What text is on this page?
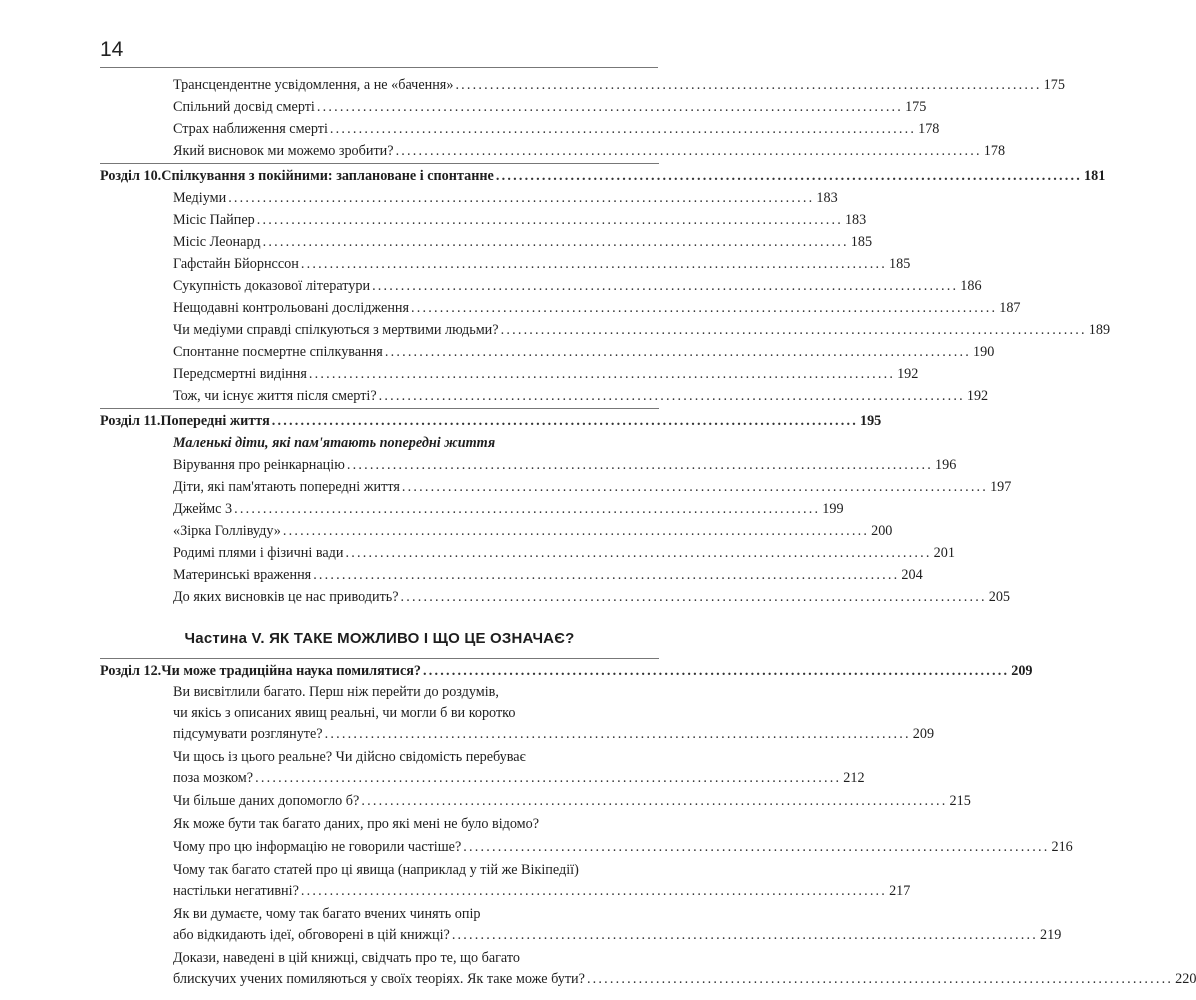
14
Трансцендентне усвідомлення, а не «бачення» ...................................................................................................... 175
Спільний досвід смерті ...................................................................................................... 175
Страх наближення смерті ...................................................................................................... 178
Який висновок ми можемо зробити? ...................................................................................................... 178
Розділ 10. Спілкування з покійними: заплановане і спонтанне ...................................................................................................... 181
Медіуми ...................................................................................................... 183
Місіс Пайпер ...................................................................................................... 183
Місіс Леонард ...................................................................................................... 185
Гафстайн Бйорнссон ...................................................................................................... 185
Сукупність доказової літератури ...................................................................................................... 186
Нещодавні контрольовані дослідження ...................................................................................................... 187
Чи медіуми справді спілкуються з мертвими людьми? ...................................................................................................... 189
Спонтанне посмертне спілкування ...................................................................................................... 190
Передсмертні видіння ...................................................................................................... 192
Тож, чи існує життя після смерті? ...................................................................................................... 192
Розділ 11. Попередні життя ...................................................................................................... 195
Маленькі діти, які пам'ятають попередні життя
Вірування про реінкарнацію ...................................................................................................... 196
Діти, які пам'ятають попередні життя ...................................................................................................... 197
Джеймс 3 ...................................................................................................... 199
«Зірка Голлівуду» ...................................................................................................... 200
Родимі плями і фізичні вади ...................................................................................................... 201
Материнські враження ...................................................................................................... 204
До яких висновків це нас приводить? ...................................................................................................... 205
Частина V. ЯК ТАКЕ МОЖЛИВО І ЩО ЦЕ ОЗНАЧАЄ?
Розділ 12. Чи може традиційна наука помилятися? ...................................................................................................... 209
Ви висвітлили багато. Перш ніж перейти до роздумів,
чи якісь з описаних явищ реальні, чи могли б ви коротко
підсумувати розглянуте? ...................................................................................................... 209
Чи щось із цього реальне? Чи дійсно свідомість перебуває
поза мозком? ...................................................................................................... 212
Чи більше даних допомогло б? ...................................................................................................... 215
Як може бути так багато даних, про які мені не було відомо?
Чому про цю інформацію не говорили частіше? ...................................................................................................... 216
Чому так багато статей про ці явища (наприклад у тій же Вікіпедії)
настільки негативні? ...................................................................................................... 217
Як ви думаєте, чому так багато вчених чинять опір
або відкидають ідеї, обговорені в цій книжці? ...................................................................................................... 219
Докази, наведені в цій книжці, свідчать про те, що багато
блискучих учених помиляються у своїх теоріях. Як таке може бути? ...................................................................................................... 220
